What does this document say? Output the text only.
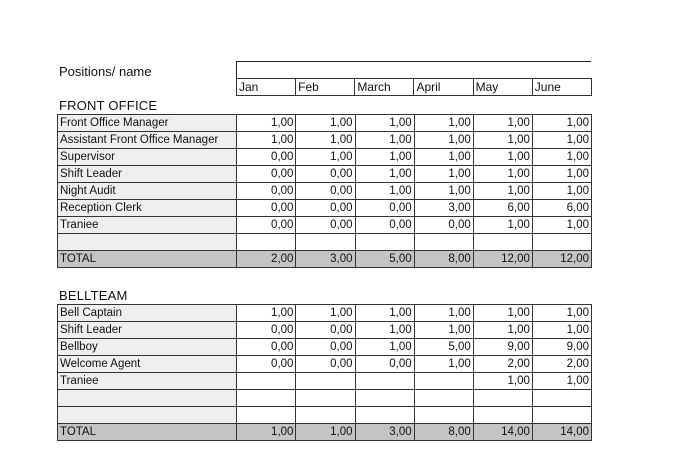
Positions/ name
Jan	Feb	March	April	May	June
FRONT OFFICE
Front Office Manager	1,00	1,00	1,00	1,00	1,00	1,00
Assistant Front Office Manager	1,00	1,00	1,00	1,00	1,00	1,00
Supervisor	0,00	1,00	1,00	1,00	1,00	1,00
Shift Leader	0,00	0,00	1,00	1,00	1,00	1,00
Night Audit	0,00	0,00	1,00	1,00	1,00	1,00
Reception Clerk	0,00	0,00	0,00	3,00	6,00	6,00
Traniee	0,00	0,00	0,00	0,00	1,00	1,00

TOTAL	2,00	3,00	5,00	8,00	12,00	12,00
BELLTEAM
Bell Captain	1,00	1,00	1,00	1,00	1,00	1,00
Shift Leader	0,00	0,00	1,00	1,00	1,00	1,00
Bellboy	0,00	0,00	1,00	5,00	9,00	9,00
Welcome Agent	0,00	0,00	0,00	1,00	2,00	2,00
Traniee					1,00	1,00

TOTAL	1,00	1,00	3,00	8,00	14,00	14,00
